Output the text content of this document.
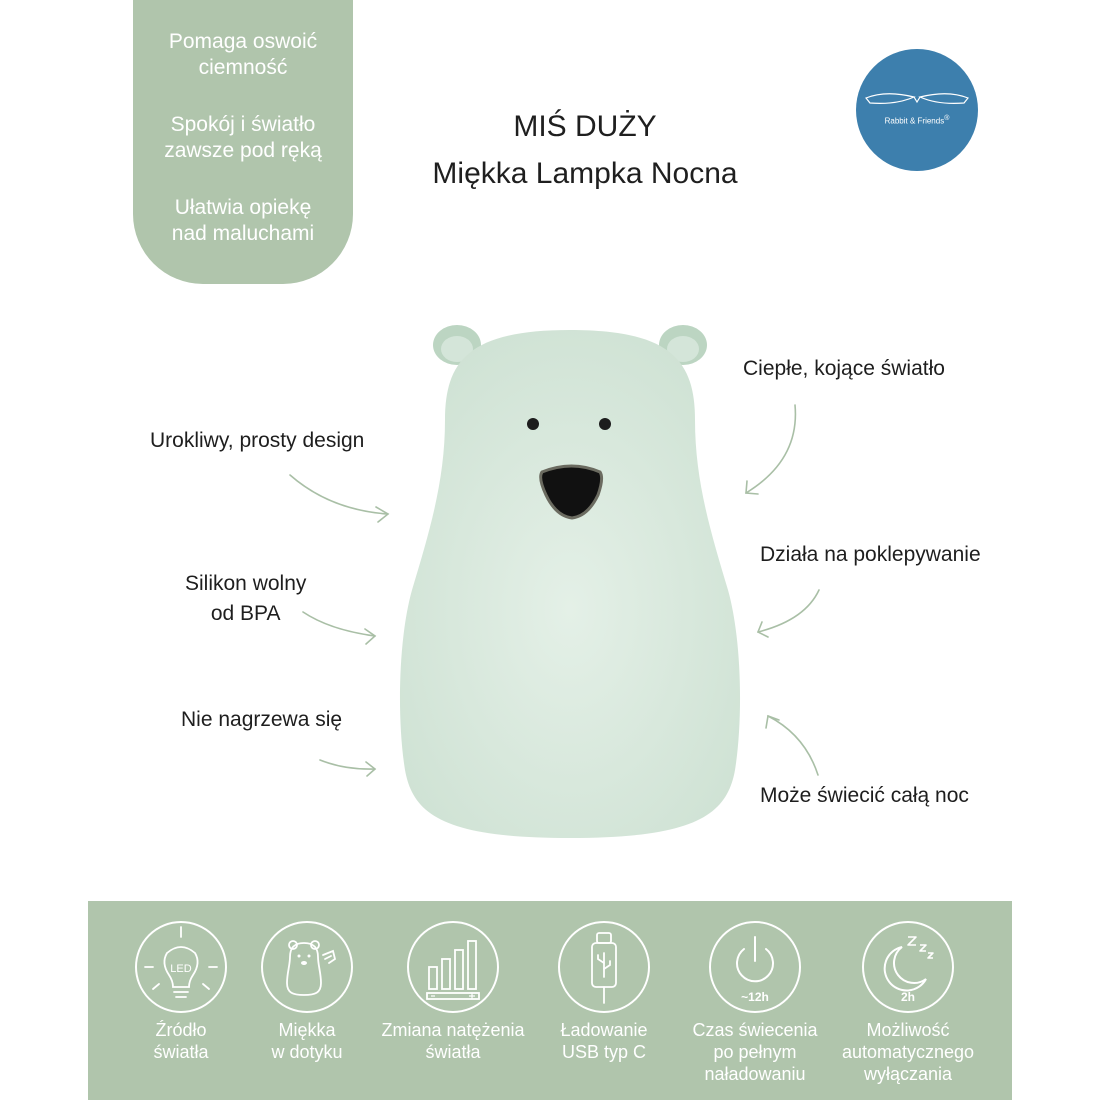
Pomaga oswoić
ciemność
Spokój i światło
zawsze pod ręką
Ułatwia opiekę
nad maluchami
MIŚ DUŻY
Miękka Lampka Nocna
Rabbit & Friends®
Urokliwy, prosty design
Silikon wolny
od BPA
Nie nagrzewa się
Ciepłe, kojące światło
Działa na poklepywanie
Może świecić całą noc
LED
Źródło
światła
Miękka
w dotyku
Zmiana natężenia
światła
Ładowanie
USB typ C
~12h
Czas świecenia
po pełnym
naładowaniu
2h
Możliwość
automatycznego
wyłączania
